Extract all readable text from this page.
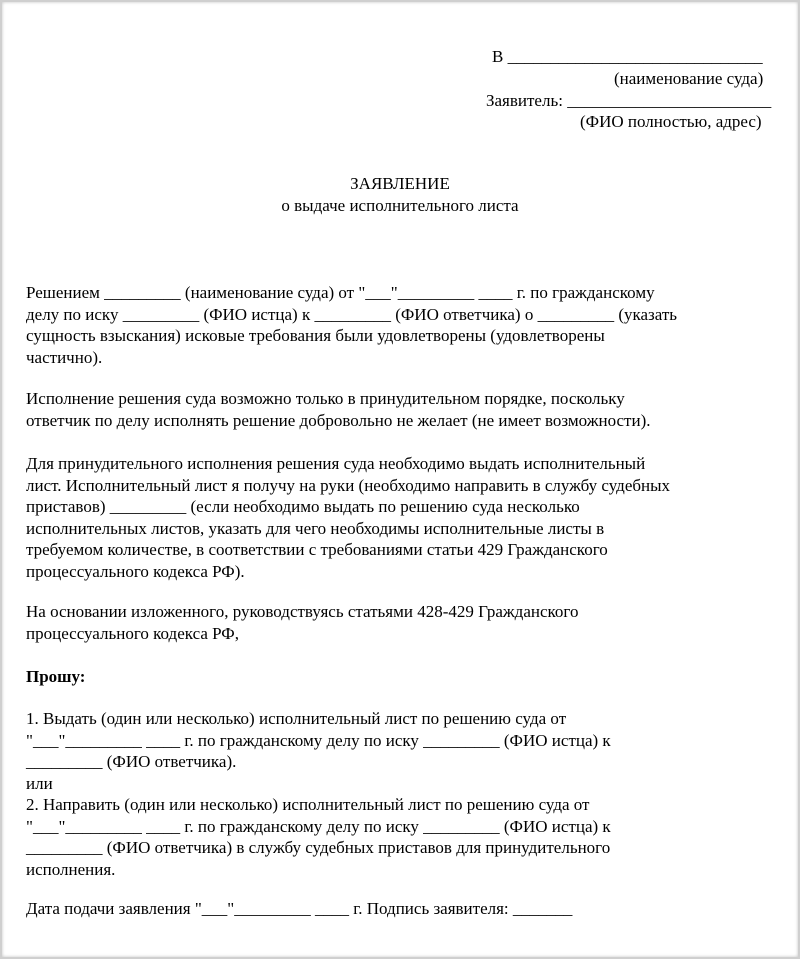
В ______________________________
(наименование суда)
Заявитель: ________________________
(ФИО полностью, адрес)
ЗАЯВЛЕНИЕ
о выдаче исполнительного листа
Решением _________ (наименование суда) от "___"_________ ____ г. по гражданскому
делу по иску _________ (ФИО истца) к _________ (ФИО ответчика) о _________ (указать
сущность взыскания) исковые требования были удовлетворены (удовлетворены
частично).
Исполнение решения суда возможно только в принудительном порядке, поскольку
ответчик по делу исполнять решение добровольно не желает (не имеет возможности).
Для принудительного исполнения решения суда необходимо выдать исполнительный
лист. Исполнительный лист я получу на руки (необходимо направить в службу судебных
приставов) _________ (если необходимо выдать по решению суда несколько
исполнительных листов, указать для чего необходимы исполнительные листы в
требуемом количестве, в соответствии с требованиями статьи 429 Гражданского
процессуального кодекса РФ).
На основании изложенного, руководствуясь статьями 428-429 Гражданского
процессуального кодекса РФ,
Прошу:
1. Выдать (один или несколько) исполнительный лист по решению суда от
"___"_________ ____ г. по гражданскому делу по иску _________ (ФИО истца) к
_________ (ФИО ответчика).
или
2. Направить (один или несколько) исполнительный лист по решению суда от
"___"_________ ____ г. по гражданскому делу по иску _________ (ФИО истца) к
_________ (ФИО ответчика) в службу судебных приставов для принудительного
исполнения.
Дата подачи заявления "___"_________ ____ г. Подпись заявителя: _______
